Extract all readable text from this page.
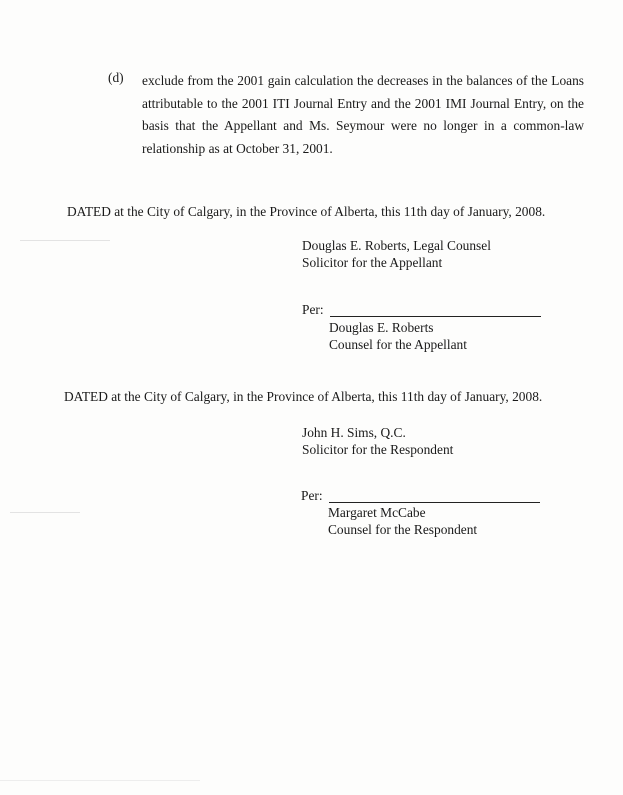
(d) exclude from the 2001 gain calculation the decreases in the balances of the Loans
attributable to the 2001 ITI Journal Entry and the 2001 IMI Journal Entry, on the
basis that the Appellant and Ms. Seymour were no longer in a common-law
relationship as at October 31, 2001.
DATED at the City of Calgary, in the Province of Alberta, this 11th day of January, 2008.
Douglas E. Roberts, Legal Counsel
Solicitor for the Appellant
Per:
Douglas E. Roberts
Counsel for the Appellant
DATED at the City of Calgary, in the Province of Alberta, this 11th day of January, 2008.
John H. Sims, Q.C.
Solicitor for the Respondent
Per:
Margaret McCabe
Counsel for the Respondent
